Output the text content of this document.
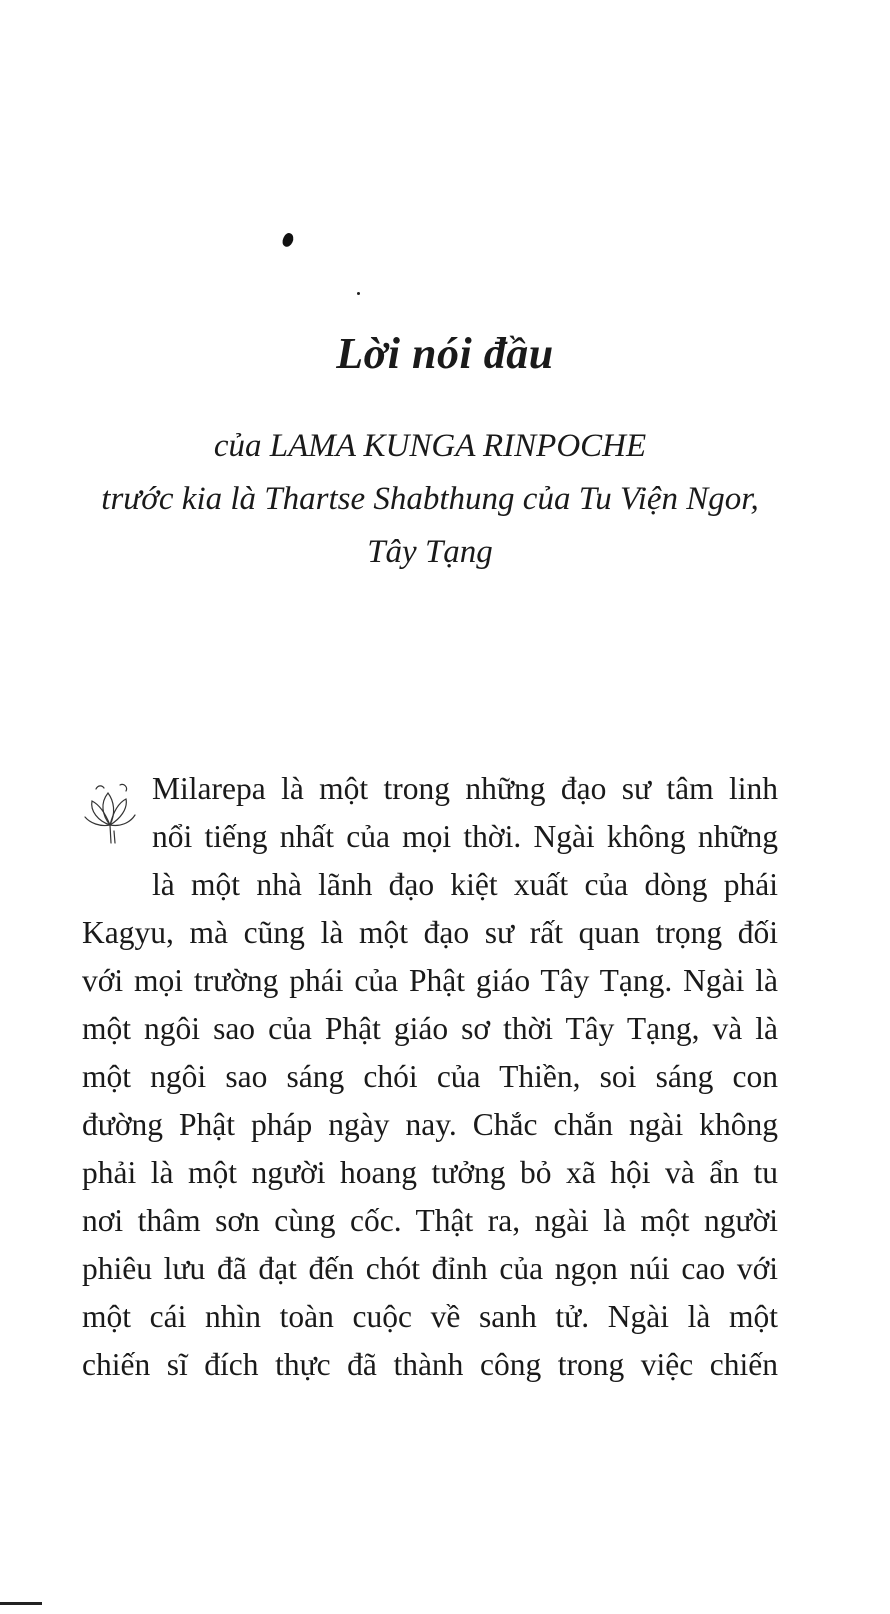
Lời nói đầu
của LAMA KUNGA RINPOCHE
trước kia là Thartse Shabthung của Tu Viện Ngor,
Tây Tạng
Milarepa là một trong những đạo sư tâm linh
nổi tiếng nhất của mọi thời. Ngài không những
là một nhà lãnh đạo kiệt xuất của dòng phái
Kagyu, mà cũng là một đạo sư rất quan trọng đối
với mọi trường phái của Phật giáo Tây Tạng. Ngài là
một ngôi sao của Phật giáo sơ thời Tây Tạng, và là
một ngôi sao sáng chói của Thiền, soi sáng con
đường Phật pháp ngày nay. Chắc chắn ngài không
phải là một người hoang tưởng bỏ xã hội và ẩn tu
nơi thâm sơn cùng cốc. Thật ra, ngài là một người
phiêu lưu đã đạt đến chót đỉnh của ngọn núi cao với
một cái nhìn toàn cuộc về sanh tử. Ngài là một
chiến sĩ đích thực đã thành công trong việc chiến
